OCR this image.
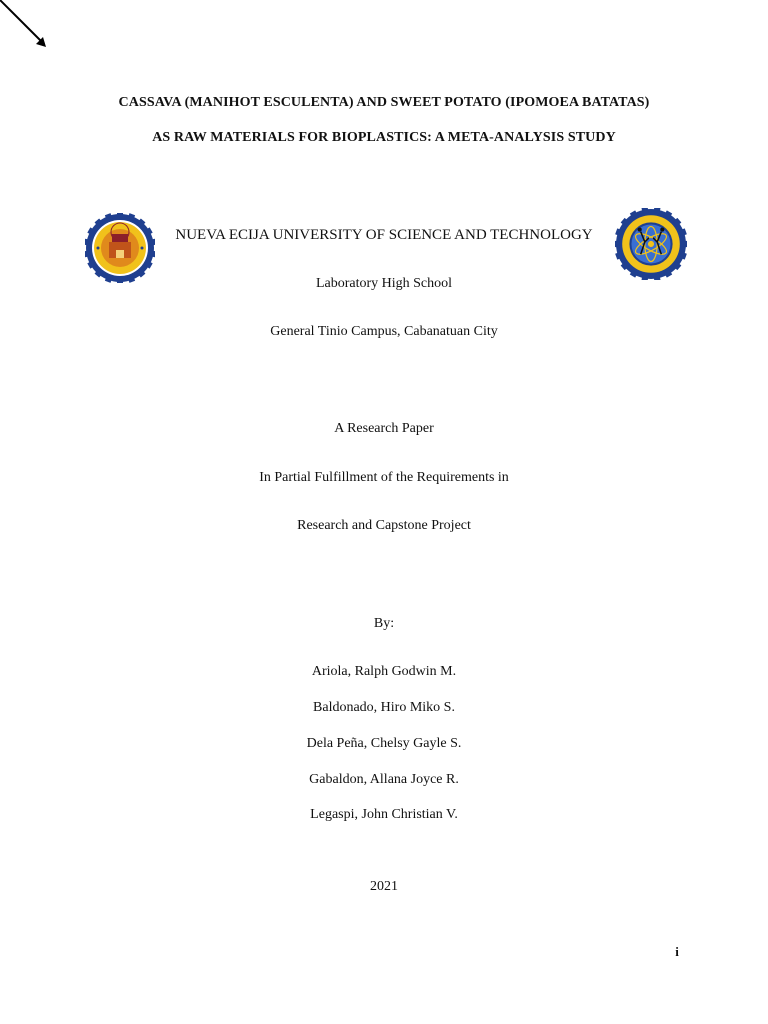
CASSAVA (MANIHOT ESCULENTA) AND SWEET POTATO (IPOMOEA BATATAS)
AS RAW MATERIALS FOR BIOPLASTICS: A META-ANALYSIS STUDY
NUEVA ECIJA UNIVERSITY OF SCIENCE AND TECHNOLOGY
Laboratory High School
General Tinio Campus, Cabanatuan City
A Research Paper
In Partial Fulfillment of the Requirements in
Research and Capstone Project
By:
Ariola, Ralph Godwin M.
Baldonado, Hiro Miko S.
Dela Peña, Chelsy Gayle S.
Gabaldon, Allana Joyce R.
Legaspi, John Christian V.
2021
i
